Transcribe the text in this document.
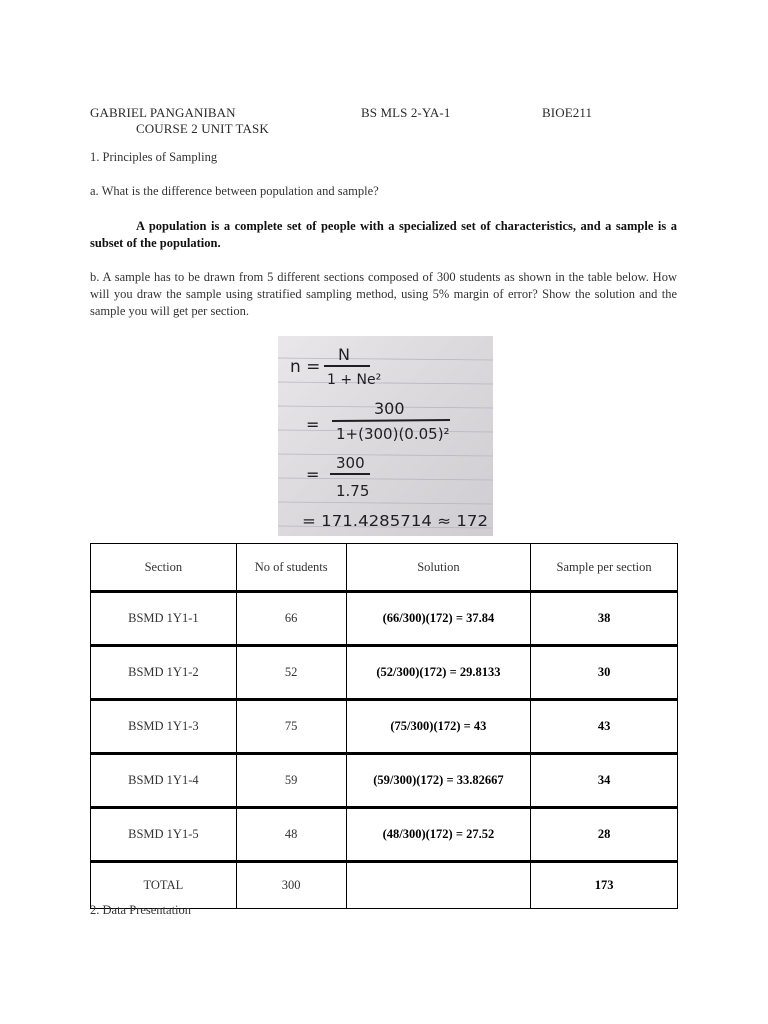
GABRIEL PANGANIBAN	BS MLS 2-YA-1	BIOE211
COURSE 2 UNIT TASK
1. Principles of Sampling
a. What is the difference between population and sample?
A population is a complete set of people with a specialized set of characteristics, and a sample is a subset of the population.
b. A sample has to be drawn from 5 different sections composed of 300 students as shown in the table below. How will you draw the sample using stratified sampling method, using 5% margin of error? Show the solution and the sample you will get per section.
n =
N
1 + Ne²
=
300
1+(300)(0.05)²
=
300
1.75
= 171.4285714 ≈ 172
Section	No of students	Solution	Sample per section
BSMD 1Y1-1	66	(66/300)(172) = 37.84	38
BSMD 1Y1-2	52	(52/300)(172) = 29.8133	30
BSMD 1Y1-3	75	(75/300)(172) = 43	43
BSMD 1Y1-4	59	(59/300)(172) = 33.82667	34
BSMD 1Y1-5	48	(48/300)(172) = 27.52	28
TOTAL	300		173
2. Data Presentation
